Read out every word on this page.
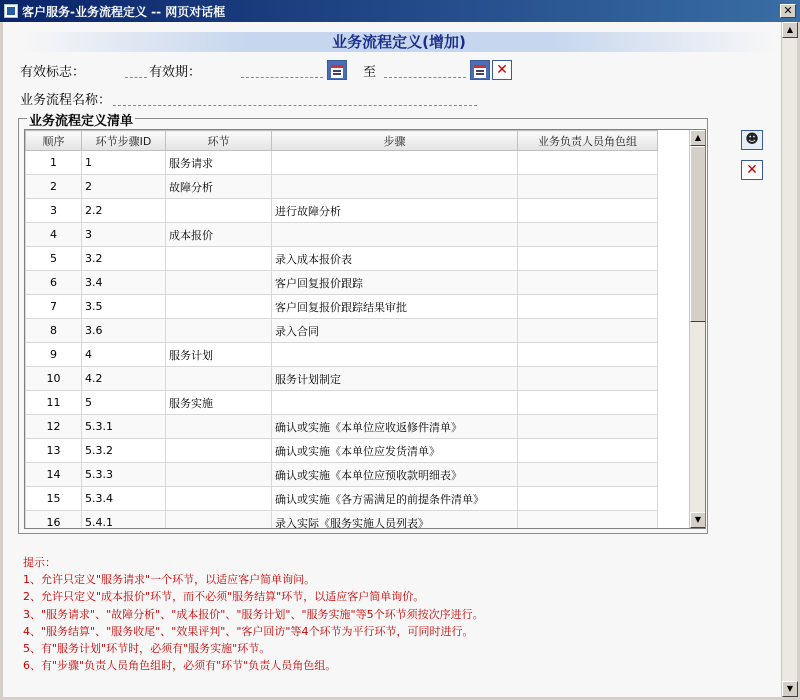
客户服务-业务流程定义 -- 网页对话框	✕
业务流程定义(增加)
有效标志：	有效期：	至	✕
业务流程名称：
业务流程定义清单
顺序	环节步骤ID	环节	步骤	业务负责人员角色组
1	1	服务请求		
2	2	故障分析		
3	2.2		进行故障分析	
4	3	成本报价		
5	3.2		录入成本报价表	
6	3.4		客户回复报价跟踪	
7	3.5		客户回复报价跟踪结果审批	
8	3.6		录入合同	
9	4	服务计划		
10	4.2		服务计划制定	
11	5	服务实施		
12	5.3.1		确认或实施《本单位应收返修件清单》	
13	5.3.2		确认或实施《本单位应发货清单》	
14	5.3.3		确认或实施《本单位应预收款明细表》	
15	5.3.4		确认或实施《各方需满足的前提条件清单》	
16	5.4.1		录入实际《服务实施人员列表》	
▲
▼
☻
✕
提示：
1、允许只定义"服务请求"一个环节，以适应客户简单询问。
2、允许只定义"成本报价"环节，而不必须"服务结算"环节，以适应客户简单询价。
3、"服务请求"、"故障分析"、"成本报价"、"服务计划"、"服务实施"等5个环节须按次序进行。
4、"服务结算"、"服务收尾"、"效果评判"、"客户回访"等4个环节为平行环节，可同时进行。
5、有"服务计划"环节时，必须有"服务实施"环节。
6、有"步骤"负责人员角色组时，必须有"环节"负责人员角色组。
▲
▼
